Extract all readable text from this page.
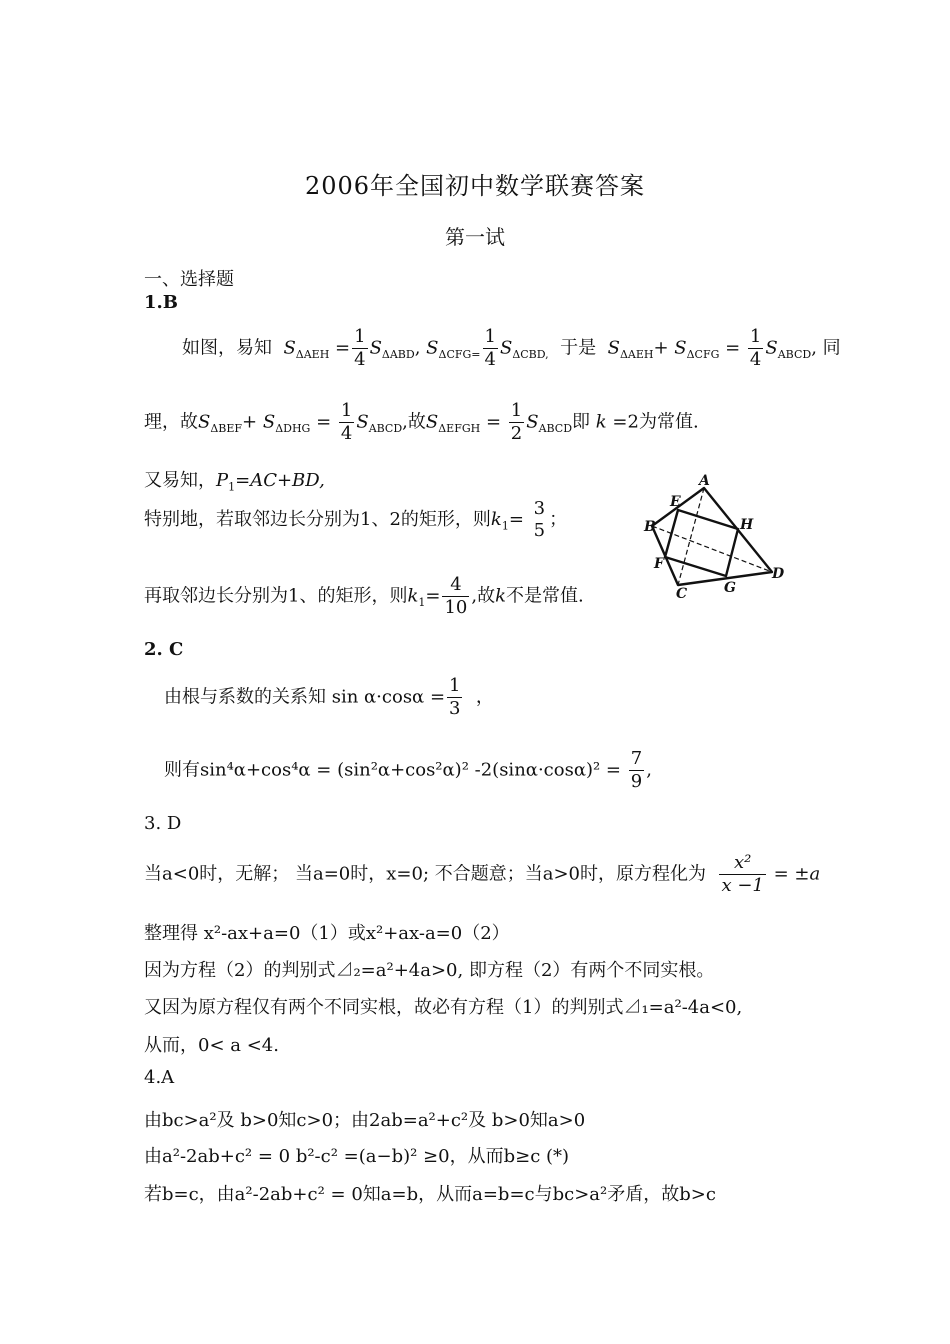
2006年全国初中数学联赛答案
第一试
一、选择题
1.B
如图，易知 $S_{\Delta AEH} = \frac{1}{4} S_{\Delta ABD}$, $S_{\Delta CFG=} \frac{1}{4} S_{\Delta CBD,}$ 于是 $S_{\Delta AEH}+ S_{\Delta CFG} = \frac{1}{4} S_{ABCD}$, 同
理，故$S_{\Delta BEF}+ S_{\Delta DHG} = \frac{1}{4} S_{ABCD}$,故$S_{\Delta EFGH} = \frac{1}{2} S_{ABCD}$即 k =2为常值.
又易知，$P_1=AC+BD$,
特别地，若取邻边长分别为1、2的矩形，则$k_1=$
3
5
；
再取邻边长分别为1、的矩形，则$k_1= \frac{4}{10}$ ,故k不是常值.
A
E
B	H
F
D
C	G
2. C
由根与系数的关系知 $\sin \alpha\cdot\cos\alpha = \frac{1}{3}$ ，
则有sin⁴α+cos⁴α = (sin²α+cos²α)² $-2(\sin\alpha\cdot\cos\alpha)^2 = \frac{7}{9}$ ,
3. D
当a<0时，无解； 当a=0时，x=0; 不合题意；当a>0时，原方程化为 $\frac{\text{x²}}{x -1} = \pm a$
整理得 x²-ax+a=0（1）或x²+ax-a=0（2）
因为方程（2）的判别式⊿₂=a²+4a>0, 即方程（2）有两个不同实根。
又因为原方程仅有两个不同实根，故必有方程（1）的判别式⊿₁=a²-4a<0,
从而，0< a <4.
4.A
由bc>a²及 b>0知c>0；由2ab=a²+c²及 b>0知a>0
由a²-2ab+c² = 0 b²-c² =(a−b)² ≥0，从而b≥c (*)
若b=c，由a²-2ab+c² = 0知a=b，从而a=b=c与bc>a²矛盾，故b>c
